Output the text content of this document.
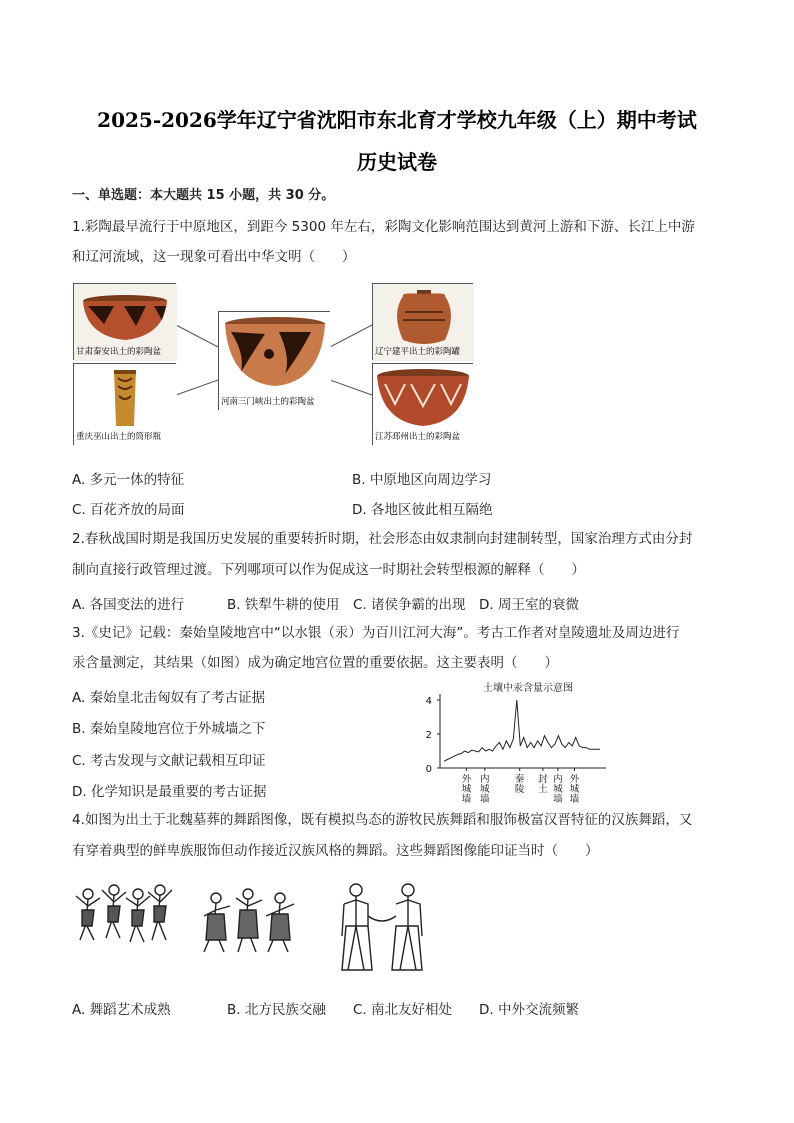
2025-2026学年辽宁省沈阳市东北育才学校九年级（上）期中考试
历史试卷
一、单选题：本大题共 15 小题，共 30 分。
1.彩陶最早流行于中原地区，到距今 5300 年左右，彩陶文化影响范围达到黄河上游和下游、长江上中游
和辽河流域，这一现象可看出中华文明（　　）
甘肃秦安出土的彩陶盆
重庆巫山出土的筒形瓶
河南三门峡出土的彩陶盆
辽宁建平出土的彩陶罐
江苏邳州出土的彩陶盆
A. 多元一体的特征	B. 中原地区向周边学习
C. 百花齐放的局面	D. 各地区彼此相互隔绝
2.春秋战国时期是我国历史发展的重要转折时期，社会形态由奴隶制向封建制转型，国家治理方式由分封
制向直接行政管理过渡。下列哪项可以作为促成这一时期社会转型根源的解释（　　）
A. 各国变法的进行	B. 铁犁牛耕的使用 C. 诸侯争霸的出现 D. 周王室的衰微
3.《史记》记载：秦始皇陵地宫中“以水银（汞）为百川江河大海”。考古工作者对皇陵遗址及周边进行
汞含量测定，其结果（如图）成为确定地宫位置的重要依据。这主要表明（　　）
A. 秦始皇北击匈奴有了考古证据
B. 秦始皇陵地宫位于外城墙之下
C. 考古发现与文献记载相互印证
D. 化学知识是最重要的考古证据
土壤中汞含量示意图
0
2
4
外城墙
内城墙
秦陵
封土
内城墙
外城墙
4.如图为出土于北魏墓葬的舞蹈图像，既有模拟鸟态的游牧民族舞蹈和服饰极富汉晋特征的汉族舞蹈，又
有穿着典型的鲜卑族服饰但动作接近汉族风格的舞蹈。这些舞蹈图像能印证当时（　　）
A. 舞蹈艺术成熟	B. 北方民族交融 C. 南北友好相处 D. 中外交流频繁
